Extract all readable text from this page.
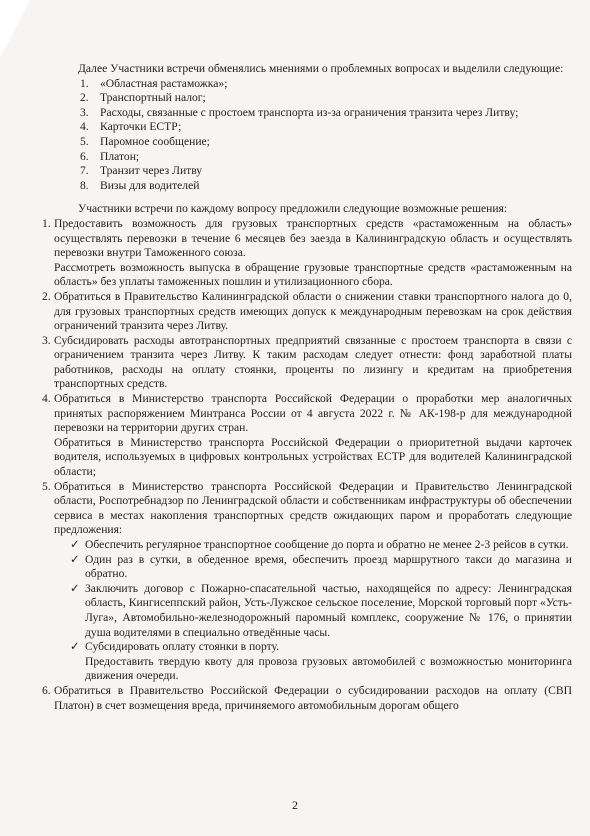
Далее Участники встречи обменялись мнениями о проблемных вопросах и выделили следующие:

1. «Областная растаможка»;
2. Транспортный налог;
3. Расходы, связанные с простоем транспорта из-за ограничения транзита через Литву;
4. Карточки ЕСТР;
5. Паромное сообщение;
6. Платон;
7. Транзит через Литву
8. Визы для водителей

Участники встречи по каждому вопросу предложили следующие возможные решения:

1. Предоставить возможность для грузовых транспортных средств «растаможенным на область» осуществлять перевозки в течение 6 месяцев без заезда в Калининградскую область и осуществлять перевозки внутри Таможенного союза.

Рассмотреть возможность выпуска в обращение грузовые транспортные средств «растаможенным на область» без уплаты таможенных пошлин и утилизационного сбора.

2. Обратиться в Правительство Калининградской области о снижении ставки транспортного налога до 0, для грузовых транспортных средств имеющих допуск к международным перевозкам на срок действия ограничений транзита через Литву.

3. Субсидировать расходы автотранспортных предприятий связанные с простоем транспорта в связи с ограничением транзита через Литву. К таким расходам следует отнести: фонд заработной платы работников, расходы на оплату стоянки, проценты по лизингу и кредитам на приобретения транспортных средств.

4. Обратиться в Министерство транспорта Российской Федерации о проработки мер аналогичных принятых распоряжением Минтранса России от 4 августа 2022 г. № АК-198-р для международной перевозки на территории других стран.

Обратиться в Министерство транспорта Российской Федерации о приоритетной выдачи карточек водителя, используемых в цифровых контрольных устройствах ЕСТР для водителей Калининградской области;

5. Обратиться в Министерство транспорта Российской Федерации и Правительство Ленинградской области, Роспотребнадзор по Ленинградской области и собственникам инфраструктуры об обеспечении сервиса в местах накопления транспортных средств ожидающих паром и проработать следующие предложения:

✓ Обеспечить регулярное транспортное сообщение до порта и обратно не менее 2-3 рейсов в сутки.
✓ Один раз в сутки, в обеденное время, обеспечить проезд маршрутного такси до магазина и обратно.
✓ Заключить договор с Пожарно-спасательной частью, находящейся по адресу: Ленинградская область, Кингисеппский район, Усть-Лужское сельское поселение, Морской торговый порт «Усть-Луга», Автомобильно-железнодорожный паромный комплекс, сооружение № 176, о принятии душа водителями в специально отведённые часы.
✓ Субсидировать оплату стоянки в порту.

Предоставить твердую квоту для провоза грузовых автомобилей с возможностью мониторинга движения очереди.

6. Обратиться в Правительство Российской Федерации о субсидировании расходов на оплату (СВП Платон) в счет возмещения вреда, причиняемого автомобильным дорогам общего

2
